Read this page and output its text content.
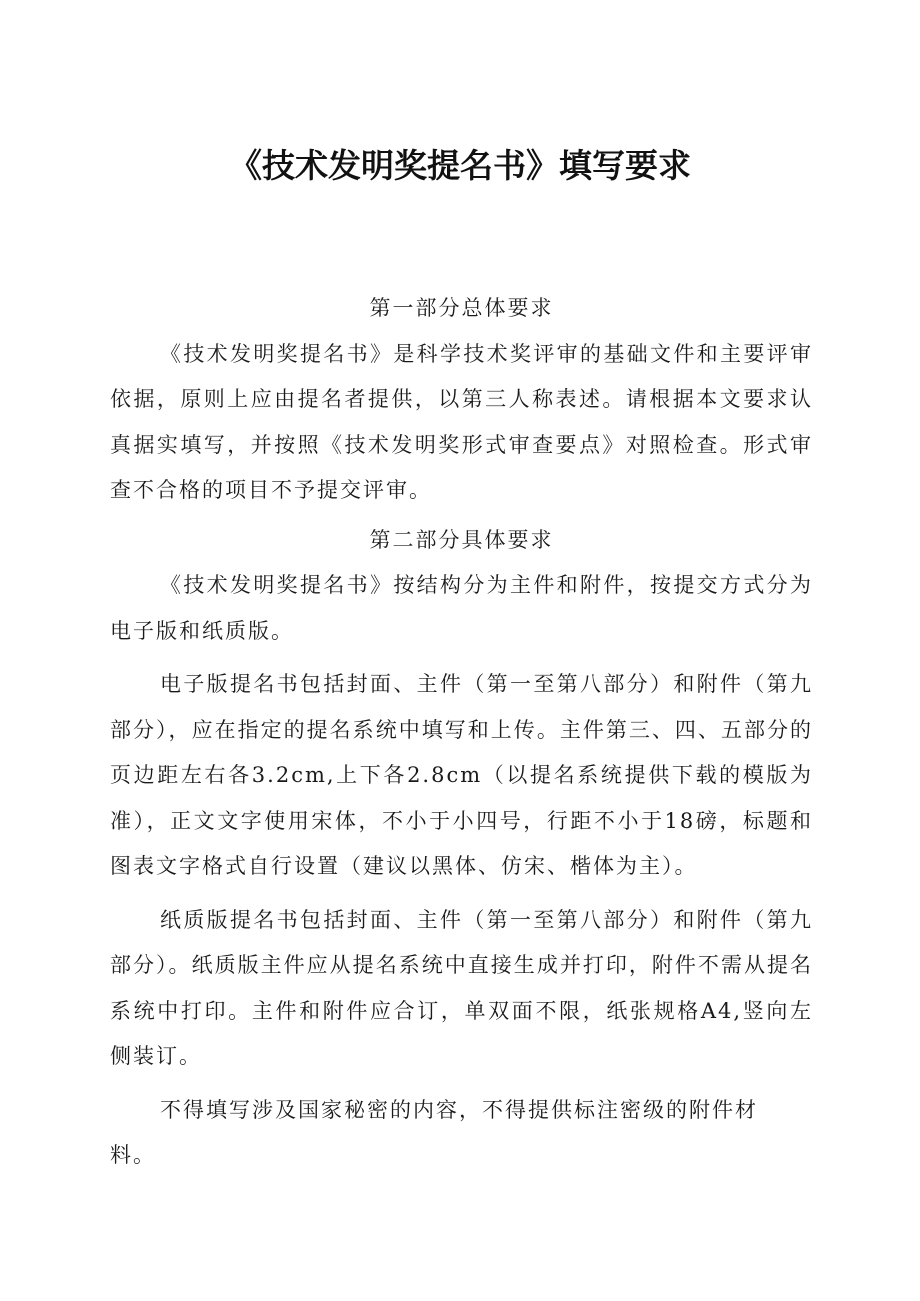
《技术发明奖提名书》填写要求

第一部分总体要求

《技术发明奖提名书》是科学技术奖评审的基础文件和主要评审依据，原则上应由提名者提供，以第三人称表述。请根据本文要求认真据实填写，并按照《技术发明奖形式审查要点》对照检查。形式审查不合格的项目不予提交评审。

第二部分具体要求

《技术发明奖提名书》按结构分为主件和附件，按提交方式分为电子版和纸质版。

电子版提名书包括封面、主件（第一至第八部分）和附件（第九部分），应在指定的提名系统中填写和上传。主件第三、四、五部分的页边距左右各3.2cm,上下各2.8cm（以提名系统提供下载的模版为准），正文文字使用宋体，不小于小四号，行距不小于18磅，标题和图表文字格式自行设置（建议以黑体、仿宋、楷体为主）。

纸质版提名书包括封面、主件（第一至第八部分）和附件（第九部分）。纸质版主件应从提名系统中直接生成并打印，附件不需从提名系统中打印。主件和附件应合订，单双面不限，纸张规格A4,竖向左侧装订。

不得填写涉及国家秘密的内容，不得提供标注密级的附件材料。
